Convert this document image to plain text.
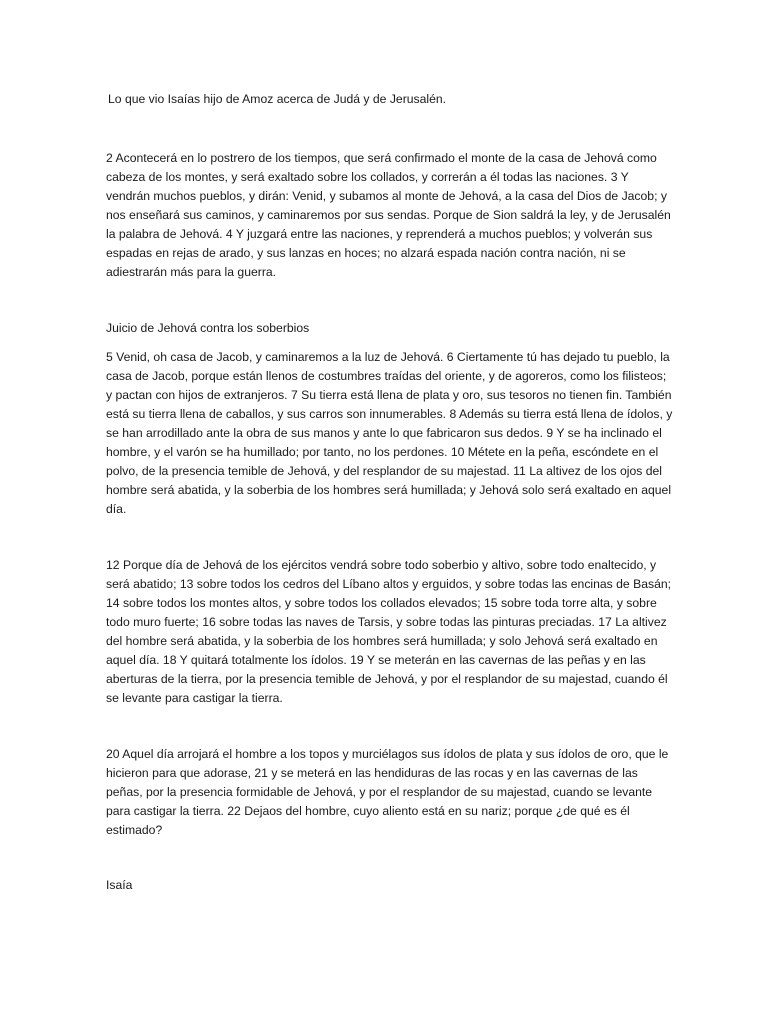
Lo que vio Isaías hijo de Amoz acerca de Judá y de Jerusalén.

2 Acontecerá en lo postrero de los tiempos, que será confirmado el monte de la casa de Jehová como cabeza de los montes, y será exaltado sobre los collados, y correrán a él todas las naciones. 3 Y vendrán muchos pueblos, y dirán: Venid, y subamos al monte de Jehová, a la casa del Dios de Jacob; y nos enseñará sus caminos, y caminaremos por sus sendas. Porque de Sion saldrá la ley, y de Jerusalén la palabra de Jehová. 4 Y juzgará entre las naciones, y reprenderá a muchos pueblos; y volverán sus espadas en rejas de arado, y sus lanzas en hoces; no alzará espada nación contra nación, ni se adiestrarán más para la guerra.

Juicio de Jehová contra los soberbios

5 Venid, oh casa de Jacob, y caminaremos a la luz de Jehová. 6 Ciertamente tú has dejado tu pueblo, la casa de Jacob, porque están llenos de costumbres traídas del oriente, y de agoreros, como los filisteos; y pactan con hijos de extranjeros. 7 Su tierra está llena de plata y oro, sus tesoros no tienen fin. También está su tierra llena de caballos, y sus carros son innumerables. 8 Además su tierra está llena de ídolos, y se han arrodillado ante la obra de sus manos y ante lo que fabricaron sus dedos. 9 Y se ha inclinado el hombre, y el varón se ha humillado; por tanto, no los perdones. 10 Métete en la peña, escóndete en el polvo, de la presencia temible de Jehová, y del resplandor de su majestad. 11 La altivez de los ojos del hombre será abatida, y la soberbia de los hombres será humillada; y Jehová solo será exaltado en aquel día.

12 Porque día de Jehová de los ejércitos vendrá sobre todo soberbio y altivo, sobre todo enaltecido, y será abatido; 13 sobre todos los cedros del Líbano altos y erguidos, y sobre todas las encinas de Basán; 14 sobre todos los montes altos, y sobre todos los collados elevados; 15 sobre toda torre alta, y sobre todo muro fuerte; 16 sobre todas las naves de Tarsis, y sobre todas las pinturas preciadas. 17 La altivez del hombre será abatida, y la soberbia de los hombres será humillada; y solo Jehová será exaltado en aquel día. 18 Y quitará totalmente los ídolos. 19 Y se meterán en las cavernas de las peñas y en las aberturas de la tierra, por la presencia temible de Jehová, y por el resplandor de su majestad, cuando él se levante para castigar la tierra.

20 Aquel día arrojará el hombre a los topos y murciélagos sus ídolos de plata y sus ídolos de oro, que le hicieron para que adorase, 21 y se meterá en las hendiduras de las rocas y en las cavernas de las peñas, por la presencia formidable de Jehová, y por el resplandor de su majestad, cuando se levante para castigar la tierra. 22 Dejaos del hombre, cuyo aliento está en su nariz; porque ¿de qué es él estimado?

Isaía
